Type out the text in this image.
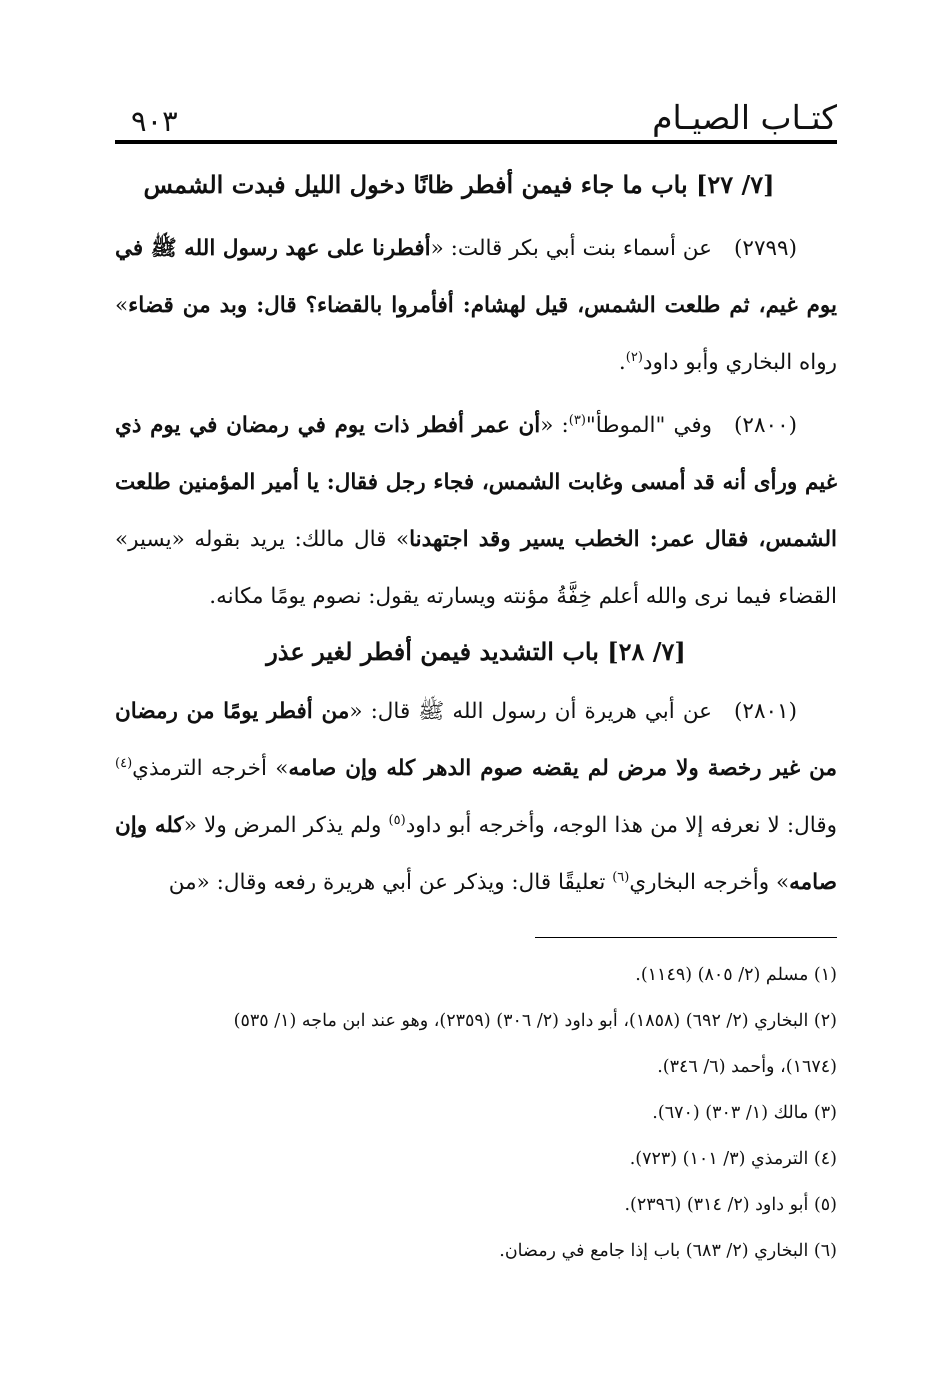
كتـاب الصيـام
٩٠٣
[٧/ ٢٧] باب ما جاء فيمن أفطر ظانًا دخول الليل فبدت الشمس

(٢٧٩٩)عن أسماء بنت أبي بكر قالت: «أفطرنا على عهد رسول الله ﷺ في يوم غيم، ثم طلعت الشمس، قيل لهشام: أفأمروا بالقضاء؟ قال: وبد من قضاء» رواه البخاري وأبو داود$^{(٢)}$.

(٢٨٠٠)وفي "الموطأ"$^{(٣)}$: «أن عمر أفطر ذات يوم في رمضان في يوم ذي غيم ورأى أنه قد أمسى وغابت الشمس، فجاء رجل فقال: يا أمير المؤمنين طلعت الشمس، فقال عمر: الخطب يسير وقد اجتهدنا» قال مالك: يريد بقوله «يسير» القضاء فيما نرى والله أعلم خِفَّةُ مؤنته ويسارته يقول: نصوم يومًا مكانه.

[٧/ ٢٨] باب التشديد فيمن أفطر لغير عذر

(٢٨٠١)عن أبي هريرة أن رسول الله ﷺ قال: «من أفطر يومًا من رمضان من غير رخصة ولا مرض لم يقضه صوم الدهر كله وإن صامه» أخرجه الترمذي$^{(٤)}$ وقال: لا نعرفه إلا من هذا الوجه، وأخرجه أبو داود$^{(٥)}$ ولم يذكر المرض ولا «كله وإن صامه» وأخرجه البخاري$^{(٦)}$ تعليقًا قال: ويذكر عن أبي هريرة رفعه وقال: «من

(١) مسلم (٢/ ٨٠٥) (١١٤٩).

(٢) البخاري (٢/ ٦٩٢) (١٨٥٨)، أبو داود (٢/ ٣٠٦) (٢٣٥٩)، وهو عند ابن ماجه (١/ ٥٣٥)

(١٦٧٤)، وأحمد (٦/ ٣٤٦).

(٣) مالك (١/ ٣٠٣) (٦٧٠).

(٤) الترمذي (٣/ ١٠١) (٧٢٣).

(٥) أبو داود (٢/ ٣١٤) (٢٣٩٦).

(٦) البخاري (٢/ ٦٨٣) باب إذا جامع في رمضان.
